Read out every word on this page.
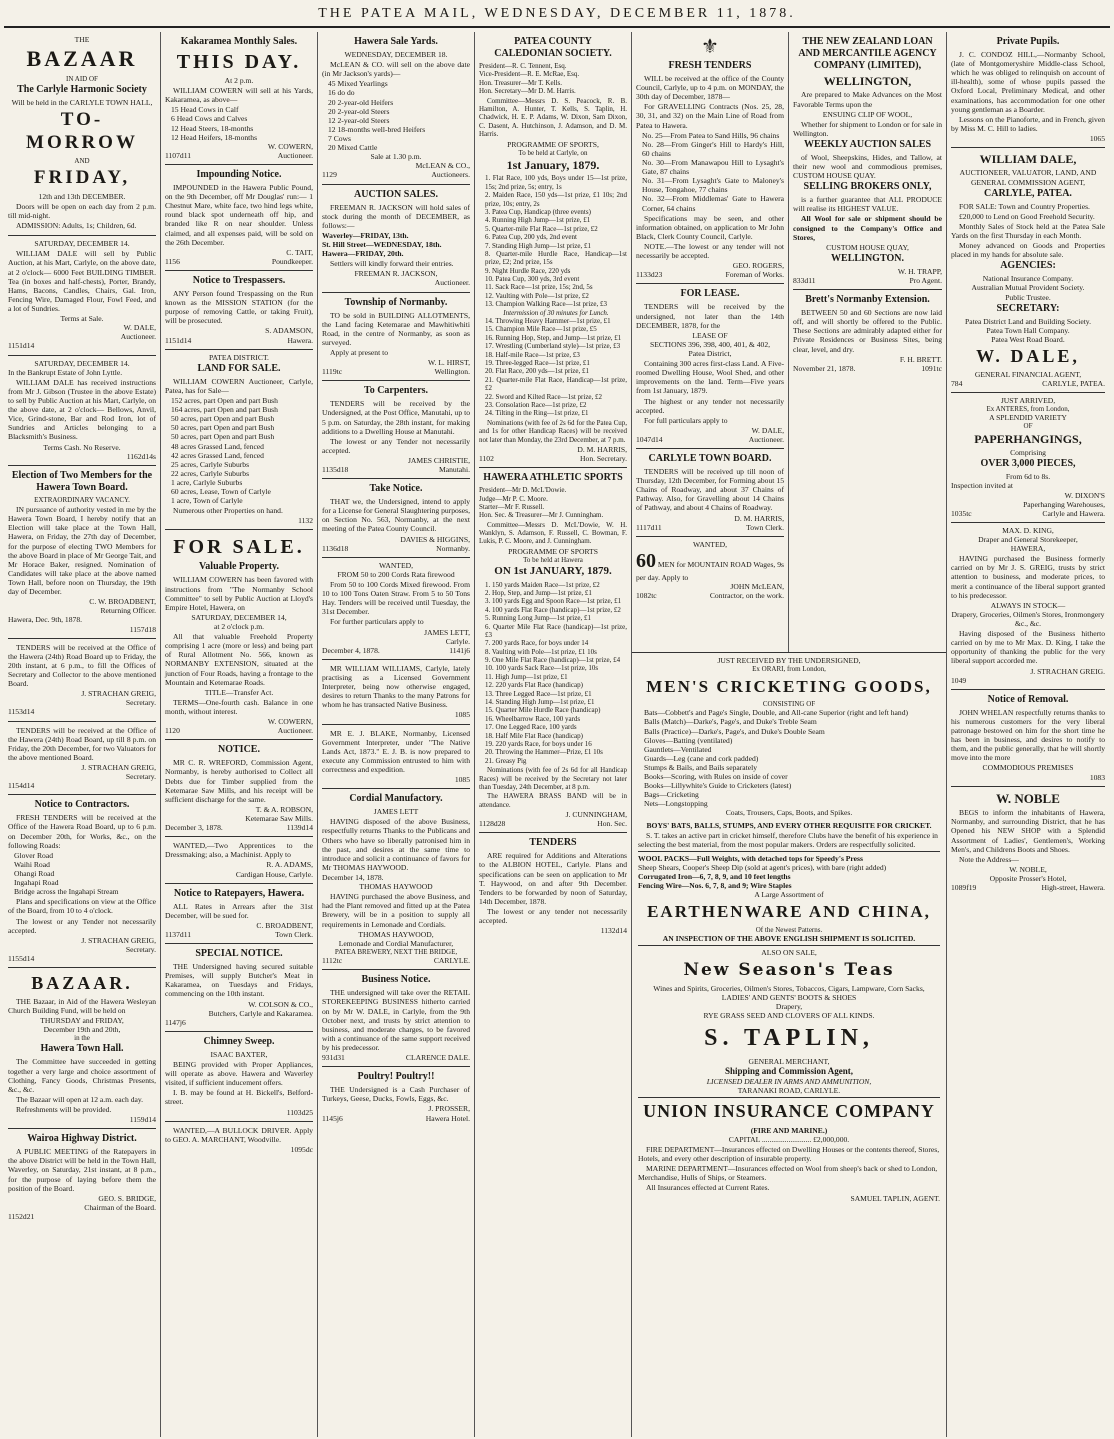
THE PATEA MAIL, WEDNESDAY, DECEMBER 11, 1878.
THE
BAZAAR
IN AID OF
The Carlyle Harmonic Society
Will be held in the CARLYLE TOWN HALL,
TO-MORROW
AND
FRIDAY,
12th and 13th DECEMBER.

Doors will be open on each day from 2 p.m. till mid-night.

ADMISSION: Adults, 1s; Children, 6d.

SATURDAY, DECEMBER 14.

WILLIAM DALE will sell by Public Auction, at his Mart, Carlyle, on the above date, at 2 o'clock— 6000 Feet BUILDING TIMBER. Tea (in boxes and half-chests), Porter, Brandy, Hams, Bacons, Candles, Chairs, Gal. Iron, Fencing Wire, Damaged Flour, Fowl Feed, and a lot of Sundries.

Terms at Sale.
W. DALE,
Auctioneer.
1151d14
SATURDAY, DECEMBER 14.
In the Bankrupt Estate of John Lyttle.

WILLIAM DALE has received instructions from Mr J. Gibson (Trustee in the above Estate) to sell by Public Auction at his Mart, Carlyle, on the above date, at 2 o'clock— Bellows, Anvil, Vice, Grind-stone, Bar and Rod Iron, lot of Sundries and Articles belonging to a Blacksmith's Business.

Terms Cash. No Reserve.
1162d14s
Election of Two Members for the Hawera Town Board.
EXTRAORDINARY VACANCY.

IN pursuance of authority vested in me by the Hawera Town Board, I hereby notify that an Election will take place at the Town Hall, Hawera, on Friday, the 27th day of December, for the purpose of electing TWO Members for the above Board in place of Mr George Tait, and Mr Horace Baker, resigned. Nomination of Candidates will take place at the above named Town Hall, before noon on Thursday, the 19th day of December.

C. W. BROADBENT,
Returning Officer.
Hawera, Dec. 9th, 1878.
1157d18

TENDERS will be received at the Office of the Hawera (24th) Road Board up to Friday, the 20th instant, at 6 p.m., to fill the Offices of Secretary and Collector to the above mentioned Board.

J. STRACHAN GREIG,
Secretary.
1153d14

TENDERS will be received at the Office of the Hawera (24th) Road Board, up till 8 p.m. on Friday, the 20th December, for two Valuators for the above mentioned Board.

J. STRACHAN GREIG,
Secretary.
1154d14
Notice to Contractors.

FRESH TENDERS will be received at the Office of the Hawera Road Board, up to 6 p.m. on December 20th, for Works, &c., on the following Roads:

Glover Road
Waihi Road
Ohangi Road
Ingahapi Road
Bridge across the Ingahapi Stream

Plans and specifications on view at the Office of the Board, from 10 to 4 o'clock.

The lowest or any Tender not necessarily accepted.

J. STRACHAN GREIG,
Secretary.
1155d14
BAZAAR.

THE Bazaar, in Aid of the Hawera Wesleyan Church Building Fund, will be held on

THURSDAY and FRIDAY,
December 19th and 20th,
in the
Hawera Town Hall.

The Committee have succeeded in getting together a very large and choice assortment of Clothing, Fancy Goods, Christmas Presents, &c., &c.

The Bazaar will open at 12 a.m. each day.

Refreshments will be provided.

1159d14
Wairoa Highway District.

A PUBLIC MEETING of the Ratepayers in the above District will be held in the Town Hall, Waverley, on Saturday, 21st instant, at 8 p.m., for the purpose of laying before them the position of the Board.

GEO. S. BRIDGE,
Chairman of the Board.
1152d21
Kakaramea Monthly Sales.
THIS DAY.
At 2 p.m.

WILLIAM COWERN will sell at his Yards, Kakaramea, as above—

15 Head Cows in Calf
6 Head Cows and Calves
12 Head Steers, 18-months
12 Head Heifers, 18-months
W. COWERN,
1107d11	Auctioneer.
Impounding Notice.

IMPOUNDED in the Hawera Public Pound, on the 9th December, off Mr Douglas' run:— 1 Chestnut Mare, white face, two hind legs white, round black spot underneath off hip, and branded like R on near shoulder. Unless claimed, and all expenses paid, will be sold on the 26th December.

C. TAIT,
1156	Poundkeeper.
Notice to Trespassers.

ANY Person found Trespassing on the Run known as the MISSION STATION (for the purpose of removing Cattle, or taking Fruit), will be prosecuted.

S. ADAMSON,
1151d14	Hawera.
PATEA DISTRICT.
LAND FOR SALE.

WILLIAM COWERN Auctioneer, Carlyle, Patea, has for Sale—

152 acres, part Open and part Bush
164 acres, part Open and part Bush
50 acres, part Open and part Bush
50 acres, part Open and part Bush
50 acres, part Open and part Bush
48 acres Grassed Land, fenced
42 acres Grassed Land, fenced
25 acres, Carlyle Suburbs
22 acres, Carlyle Suburbs
1 acre, Carlyle Suburbs
60 acres, Lease, Town of Carlyle
1 acre, Town of Carlyle

Numerous other Properties on hand.

1132
FOR SALE.
Valuable Property.

WILLIAM COWERN has been favored with instructions from "The Normanby School Committee" to sell by Public Auction at Lloyd's Empire Hotel, Hawera, on

SATURDAY, DECEMBER 14,
at 2 o'clock p.m.

All that valuable Freehold Property comprising 1 acre (more or less) and being part of Rural Allotment No. 566, known as NORMANBY EXTENSION, situated at the junction of Four Roads, having a frontage to the Mountain and Ketemarae Roads.

TITLE—Transfer Act.

TERMS—One-fourth cash. Balance in one month, without interest.

W. COWERN,
1120	Auctioneer.
NOTICE.

MR C. R. WREFORD, Commission Agent, Normanby, is hereby authorised to Collect all Debts due for Timber supplied from the Ketemarae Saw Mills, and his receipt will be sufficient discharge for the same.

T. & A. ROBSON,
Ketemarae Saw Mills.
December 3, 1878.	1139d14

WANTED,—Two Apprentices to the Dressmaking; also, a Machinist. Apply to

R. A. ADAMS,
Cardigan House, Carlyle.
Notice to Ratepayers, Hawera.

ALL Rates in Arrears after the 31st December, will be sued for.

C. BROADBENT,
1137d11	Town Clerk.
SPECIAL NOTICE.

THE Undersigned having secured suitable Premises, will supply Butcher's Meat in Kakaramea, on Tuesdays and Fridays, commencing on the 10th instant.

W. COLSON & CO.,
Butchers, Carlyle and Kakaramea.
1147j6
Chimney Sweep.
ISAAC BAXTER,

BEING provided with Proper Appliances, will operate as above. Hawera and Waverley visited, if sufficient inducement offers.

I. B. may be found at H. Bickell's, Belford-street.

1103d25

WANTED,—A BULLOCK DRIVER. Apply to GEO. A. MARCHANT, Woodville.

1095dc
Hawera Sale Yards.
WEDNESDAY, DECEMBER 18.

McLEAN & CO. will sell on the above date (in Mr Jackson's yards)—

45 Mixed Yearlings
16 do do
20 2-year-old Heifers
20 2-year-old Steers
12 2-year-old Steers
12 18-months well-bred Heifers
7 Cows
20 Mixed Cattle
Sale at 1.30 p.m.
McLEAN & CO.,
1129	Auctioneers.
AUCTION SALES.

FREEMAN R. JACKSON will hold sales of stock during the month of DECEMBER, as follows:—

Waverley—FRIDAY, 13th.
St. Hill Street—WEDNESDAY, 18th.
Hawera—FRIDAY, 20th.

Settlers will kindly forward their entries.

FREEMAN R. JACKSON,
Auctioneer.
Township of Normanby.

TO be sold in BUILDING ALLOTMENTS, the Land facing Ketemarae and Mawhitiwhiti Road, in the centre of Normanby, as soon as surveyed.

Apply at present to

W. L. HIRST,
1119tc	Wellington.
To Carpenters.

TENDERS will be received by the Undersigned, at the Post Office, Manutahi, up to 5 p.m. on Saturday, the 28th instant, for making additions to a Dwelling House at Manutahi.

The lowest or any Tender not necessarily accepted.

JAMES CHRISTIE,
1135d18	Manutahi.
Take Notice.

THAT we, the Undersigned, intend to apply for a License for General Slaughtering purposes, on Section No. 563, Normanby, at the next meeting of the Patea County Council.

DAVIES & HIGGINS,
1136d18	Normanby.
WANTED,
FROM 50 to 200 Cords Rata firewood

From 50 to 100 Cords Mixed firewood. From 10 to 100 Tons Oaten Straw. From 5 to 50 Tons Hay. Tenders will be received until Tuesday, the 31st December.

For further particulars apply to

JAMES LETT,
Carlyle.
December 4, 1878.	1141j6

MR WILLIAM WILLIAMS, Carlyle, lately practising as a Licensed Government Interpreter, being now otherwise engaged, desires to return Thanks to the many Patrons for whom he has transacted Native Business.

1085

MR E. J. BLAKE, Normanby, Licensed Government Interpreter, under "The Native Lands Act, 1873." E. J. B. is now prepared to execute any Commission entrusted to him with correctness and expedition.

1085
Cordial Manufactory.
JAMES LETT

HAVING disposed of the above Business, respectfully returns Thanks to the Publicans and Others who have so liberally patronised him in the past, and desires at the same time to introduce and solicit a continuance of favors for Mr THOMAS HAYWOOD.

December 14, 1878.
THOMAS HAYWOOD

HAVING purchased the above Business, and had the Plant removed and fitted up at the Patea Brewery, will be in a position to supply all requirements in Lemonade and Cordials.

THOMAS HAYWOOD,
Lemonade and Cordial Manufacturer,
PATEA BREWERY, NEXT THE BRIDGE,
1112tc	CARLYLE.
Business Notice.

THE undersigned will take over the RETAIL STOREKEEPING BUSINESS hitherto carried on by Mr W. DALE, in Carlyle, from the 9th October next, and trusts by strict attention to business, and moderate charges, to be favored with a continuance of the same support received by his predecessor.

931d31	CLARENCE DALE.
Poultry! Poultry!!

THE Undersigned is a Cash Purchaser of Turkeys, Geese, Ducks, Fowls, Eggs, &c.

J. PROSSER,
1145j6	Hawera Hotel.
PATEA COUNTY CALEDONIAN SOCIETY.
President—R. C. Tennent, Esq.
Vice-President—R. E. McRae, Esq.
Hon. Treasurer—Mr T. Kells.
Hon. Secretary—Mr D. M. Harris.

Committee—Messrs D. S. Peacock, R. B. Hamilton, A. Hunter, T. Kells, S. Taplin, H. Chadwick, H. E. P. Adams, W. Dixon, Sam Dixon, C. Dasent, A. Hutchinson, J. Adamson, and D. M. Harris.

PROGRAMME OF SPORTS,
To be held at Carlyle, on
1st January, 1879.
1. Flat Race, 100 yds, Boys under 15—1st prize, 15s; 2nd prize, 5s; entry, 1s
2. Maiden Race, 150 yds—1st prize, £1 10s; 2nd prize, 10s; entry, 2s
3. Patea Cup, Handicap (three events)
4. Running High Jump—1st prize, £1
5. Quarter-mile Flat Race—1st prize, £2
6. Patea Cup, 200 yds, 2nd event
7. Standing High Jump—1st prize, £1
8. Quarter-mile Hurdle Race, Handicap—1st prize, £2; 2nd prize, 15s
9. Night Hurdle Race, 220 yds
10. Patea Cup, 300 yds, 3rd event
11. Sack Race—1st prize, 15s; 2nd, 5s
12. Vaulting with Pole—1st prize, £2
13. Champion Walking Race—1st prize, £3
Intermission of 30 minutes for Lunch.
14. Throwing Heavy Hammer—1st prize, £1
15. Champion Mile Race—1st prize, £5
16. Running Hop, Step, and Jump—1st prize, £1
17. Wrestling (Cumberland style)—1st prize, £3
18. Half-mile Race—1st prize, £3
19. Three-legged Race—1st prize, £1
20. Flat Race, 200 yds—1st prize, £1
21. Quarter-mile Flat Race, Handicap—1st prize, £2
22. Sword and Kilted Race—1st prize, £2
23. Consolation Race—1st prize, £2
24. Tilting in the Ring—1st prize, £1

Nominations (with fee of 2s 6d for the Patea Cup, and 1s for other Handicap Races) will be received not later than Monday, the 23rd December, at 7 p.m.

D. M. HARRIS,
1102	Hon. Secretary.
HAWERA ATHLETIC SPORTS
President—Mr D. McL'Dowie.
Judge—Mr P. C. Moore.
Starter—Mr F. Russell.
Hon. Sec. & Treasurer—Mr J. Cunningham.

Committee—Messrs D. McL'Dowie, W. H. Wanklyn, S. Adamson, F. Russell, C. Bowman, F. Lukis, P. C. Moore, and J. Cunningham.

PROGRAMME OF SPORTS
To be held at Hawera
ON 1st JANUARY, 1879.
1. 150 yards Maiden Race—1st prize, £2
2. Hop, Step, and Jump—1st prize, £1
3. 100 yards Egg and Spoon Race—1st prize, £1
4. 100 yards Flat Race (handicap)—1st prize, £2
5. Running Long Jump—1st prize, £1
6. Quarter Mile Flat Race (handicap)—1st prize, £3
7. 200 yards Race, for boys under 14
8. Vaulting with Pole—1st prize, £1 10s
9. One Mile Flat Race (handicap)—1st prize, £4
10. 100 yards Sack Race—1st prize, 10s
11. High Jump—1st prize, £1
12. 220 yards Flat Race (handicap)
13. Three Legged Race—1st prize, £1
14. Standing High Jump—1st prize, £1
15. Quarter Mile Hurdle Race (handicap)
16. Wheelbarrow Race, 100 yards
17. One Legged Race, 100 yards
18. Half Mile Flat Race (handicap)
19. 220 yards Race, for boys under 16
20. Throwing the Hammer—Prize, £1 10s
21. Greasy Pig

Nominations (with fee of 2s 6d for all Handicap Races) will be received by the Secretary not later than Tuesday, 24th December, at 8 p.m.

The HAWERA BRASS BAND will be in attendance.

J. CUNNINGHAM,
1128d28	Hon. Sec.
TENDERS

ARE required for Additions and Alterations to the ALBION HOTEL, Carlyle. Plans and specifications can be seen on application to Mr T. Haywood, on and after 9th December. Tenders to be forwarded by noon of Saturday, 14th December, 1878.

The lowest or any tender not necessarily accepted.

1132d14
⚜
FRESH TENDERS

WILL be received at the office of the County Council, Carlyle, up to 4 p.m. on MONDAY, the 30th day of December, 1878—

For GRAVELLING Contracts (Nos. 25, 28, 30, 31, and 32) on the Main Line of Road from Patea to Hawera.

No. 25—From Patea to Sand Hills, 96 chains
No. 28—From Ginger's Hill to Hardy's Hill, 60 chains
No. 30—From Manawapou Hill to Lysaght's Gate, 87 chains
No. 31—From Lysaght's Gate to Maloney's House, Tongahoe, 77 chains
No. 32—From Middlemas' Gate to Hawera Corner, 64 chains

Specifications may be seen, and other information obtained, on application to Mr John Black, Clerk County Council, Carlyle.

NOTE.—The lowest or any tender will not necessarily be accepted.

GEO. ROGERS,
1133d23	Foreman of Works.
FOR LEASE.

TENDERS will be received by the undersigned, not later than the 14th DECEMBER, 1878, for the

LEASE OF
SECTIONS 396, 398, 400, 401, & 402,
Patea District,

Containing 300 acres first-class Land. A Five-roomed Dwelling House, Wool Shed, and other improvements on the land. Term—Five years from 1st January, 1879.

The highest or any tender not necessarily accepted.

For full particulars apply to

W. DALE,
1047d14	Auctioneer.
CARLYLE TOWN BOARD.

TENDERS will be received up till noon of Thursday, 12th December, for Forming about 15 Chains of Roadway, and about 37 Chains of Pathway. Also, for Gravelling about 14 Chains of Pathway, and about 4 Chains of Roadway.

D. M. HARRIS,
1117d11	Town Clerk.
WANTED,
60 MEN for MOUNTAIN ROAD Wages, 9s per day. Apply to
JOHN McLEAN,
1082tc	Contractor, on the work.
THE NEW ZEALAND LOAN AND MERCANTILE AGENCY COMPANY (LIMITED),
WELLINGTON,

Are prepared to Make Advances on the Most Favorable Terms upon the

ENSUING CLIP OF WOOL,

Whether for shipment to London or for sale in Wellington.

WEEKLY AUCTION SALES

of Wool, Sheepskins, Hides, and Tallow, at their new wool and commodious premises, CUSTOM HOUSE QUAY.

SELLING BROKERS ONLY,

is a further guarantee that ALL PRODUCE will realise its HIGHEST VALUE.

All Wool for sale or shipment should be consigned to the Company's Office and Stores,

CUSTOM HOUSE QUAY,
WELLINGTON.
W. H. TRAPP,
833d11	Pro Agent.
Brett's Normanby Extension.

BETWEEN 50 and 60 Sections are now laid off, and will shortly be offered to the Public. These Sections are admirably adapted either for Private Residences or Business Sites, being clear, level, and dry.

F. H. BRETT.
November 21, 1878.	1091tc
JUST RECEIVED BY THE UNDERSIGNED,
Ex ORARI, from London,
MEN'S CRICKETING GOODS,
CONSISTING OF
Bats—Cobbett's and Page's Single, Double, and All-cane Superior (right and left hand)
Balls (Match)—Darke's, Page's, and Duke's Treble Seam
Balls (Practice)—Darke's, Page's, and Duke's Double Seam
Gloves—Batting (ventilated)
Gauntlets—Ventilated
Guards—Leg (cane and cork padded)
Stumps & Bails, and Bails separately
Books—Scoring, with Rules on inside of cover
Books—Lillywhite's Guide to Cricketers (latest)
Bags—Cricketing
Nets—Longstopping
Coats, Trousers, Caps, Boots, and Spikes.
BOYS' BATS, BALLS, STUMPS, AND EVERY OTHER REQUISITE FOR CRICKET.

S. T. takes an active part in cricket himself, therefore Clubs have the benefit of his experience in selecting the best material, from the most popular makers. Orders are respectfully solicited.

WOOL PACKS—Full Weights, with detached tops for Speedy's Press
Sheep Shears, Cooper's Sheep Dip (sold at agent's prices), with bare (right added)
Corrugated Iron—6, 7, 8, 9, and 10 feet lengths
Fencing Wire—Nos. 6, 7, 8, and 9; Wire Staples
A Large Assortment of
EARTHENWARE AND CHINA,
Of the Newest Patterns.
AN INSPECTION OF THE ABOVE ENGLISH SHIPMENT IS SOLICITED.
ALSO ON SALE,
New Season's Teas
Wines and Spirits, Groceries, Oilmen's Stores, Tobaccos, Cigars, Lampware, Corn Sacks,
LADIES' AND GENTS' BOOTS & SHOES
Drapery,
RYE GRASS SEED AND CLOVERS OF ALL KINDS.
S. TAPLIN,
GENERAL MERCHANT,
Shipping and Commission Agent,
LICENSED DEALER IN ARMS AND AMMUNITION,
TARANAKI ROAD, CARLYLE.
UNION INSURANCE COMPANY
(FIRE AND MARINE.)
CAPITAL .......................... £2,000,000.

FIRE DEPARTMENT—Insurances effected on Dwelling Houses or the contents thereof, Stores, Hotels, and every other description of insurable property.

MARINE DEPARTMENT—Insurances effected on Wool from sheep's back or shed to London, Merchandise, Hulls of Ships, or Steamers.

All Insurances effected at Current Rates.

SAMUEL TAPLIN, AGENT.
Private Pupils.

J. C. CONDOZ HILL,—Normanby School, (late of Montgomeryshire Middle-class School, which he was obliged to relinquish on account of ill-health), some of whose pupils passed the Oxford Local, Preliminary Medical, and other examinations, has accommodation for one other young gentleman as a Boarder.

Lessons on the Pianoforte, and in French, given by Miss M. C. Hill to ladies.

1065
WILLIAM DALE,
AUCTIONEER, VALUATOR, LAND, AND GENERAL COMMISSION AGENT,
CARLYLE, PATEA.

FOR SALE: Town and Country Properties.

£20,000 to Lend on Good Freehold Security.

Monthly Sales of Stock held at the Patea Sale Yards on the first Thursday in each Month.

Money advanced on Goods and Properties placed in my hands for absolute sale.

AGENCIES:
National Insurance Company.
Australian Mutual Provident Society.
Public Trustee.
SECRETARY:
Patea District Land and Building Society.
Patea Town Hall Company.
Patea West Road Board.
W. DALE,
GENERAL FINANCIAL AGENT,
784	CARLYLE, PATEA.
JUST ARRIVED,
Ex ANTERES, from London,
A SPLENDID VARIETY
OF
PAPERHANGINGS,
Comprising
OVER 3,000 PIECES,
From 6d to 8s.
Inspection invited at
W. DIXON'S
Paperhanging Warehouses,
1035tc	Carlyle and Hawera.
MAX. D. KING,
Draper and General Storekeeper,
HAWERA,

HAVING purchased the Business formerly carried on by Mr J. S. GREIG, trusts by strict attention to business, and moderate prices, to merit a continuance of the liberal support granted to his predecessor.

ALWAYS IN STOCK—
Drapery, Groceries, Oilmen's Stores, Ironmongery &c., &c.

Having disposed of the Business hitherto carried on by me to Mr Max. D. King, I take the opportunity of thanking the public for the very liberal support accorded me.

J. STRACHAN GREIG.
1049
Notice of Removal.

JOHN WHELAN respectfully returns thanks to his numerous customers for the very liberal patronage bestowed on him for the short time he has been in business, and desires to notify to them, and the public generally, that he will shortly move into the more

COMMODIOUS PREMISES
1083
W. NOBLE

BEGS to inform the inhabitants of Hawera, Normanby, and surrounding District, that he has Opened his NEW SHOP with a Splendid Assortment of Ladies', Gentlemen's, Working Men's, and Childrens Boots and Shoes.

Note the Address—

W. NOBLE,
Opposite Prosser's Hotel,
1089f19	High-street, Hawera.
